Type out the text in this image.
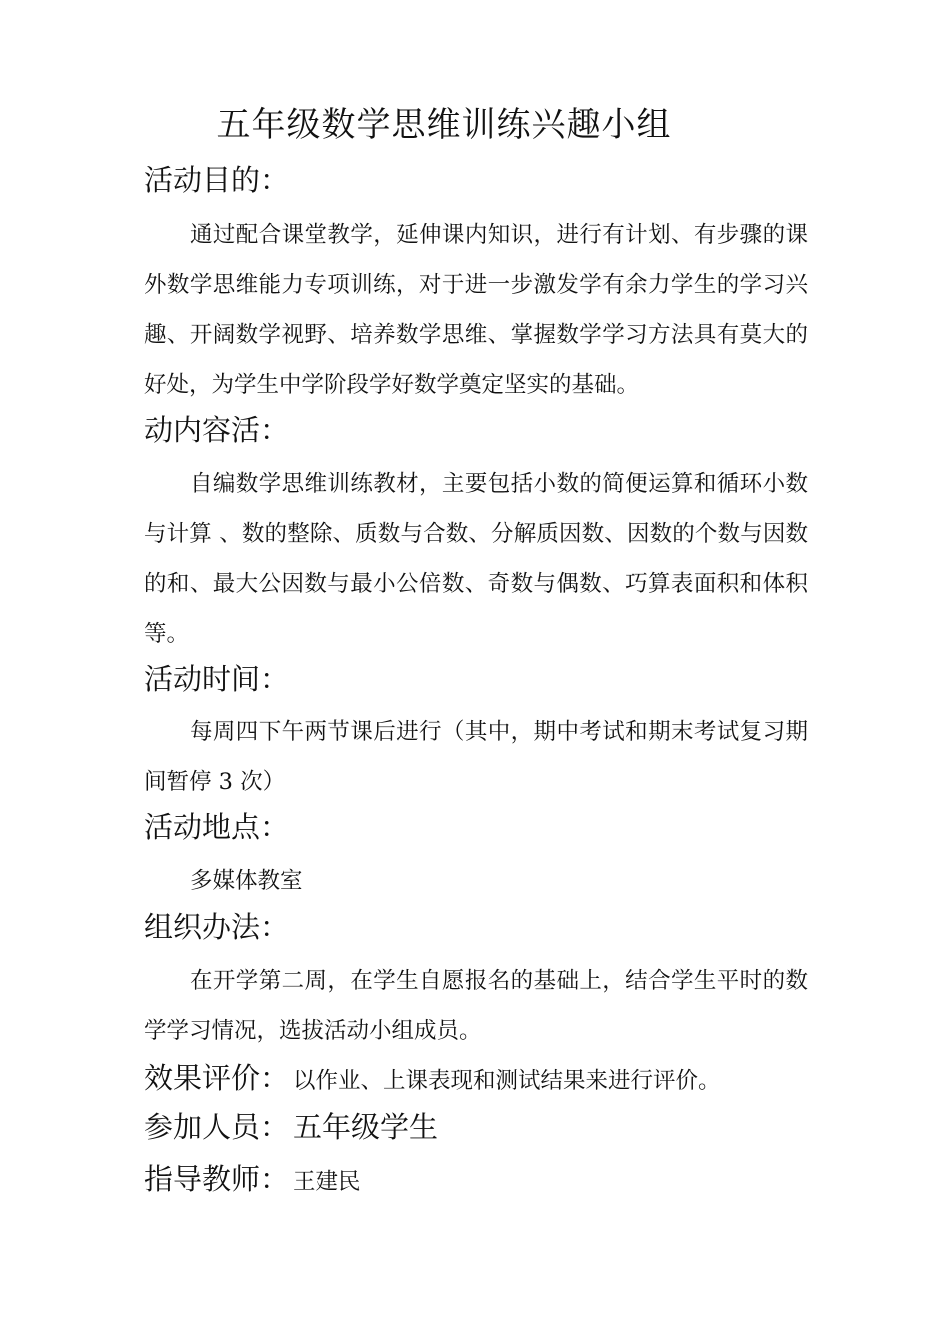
五年级数学思维训练兴趣小组
活动目的：

通过配合课堂教学，延伸课内知识，进行有计划、有步骤的课外数学思维能力专项训练，对于进一步激发学有余力学生的学习兴趣、开阔数学视野、培养数学思维、掌握数学学习方法具有莫大的好处，为学生中学阶段学好数学奠定坚实的基础。

动内容活：

自编数学思维训练教材，主要包括小数的简便运算和循环小数与计算 、数的整除、质数与合数、分解质因数、因数的个数与因数的和、最大公因数与最小公倍数、奇数与偶数、巧算表面积和体积等。

活动时间：

每周四下午两节课后进行（其中，期中考试和期末考试复习期间暂停 3 次）

活动地点：

多媒体教室

组织办法：

在开学第二周，在学生自愿报名的基础上，结合学生平时的数学学习情况，选拔活动小组成员。

效果评价： 以作业、上课表现和测试结果来进行评价。
参加人员： 五年级学生
指导教师： 王建民
